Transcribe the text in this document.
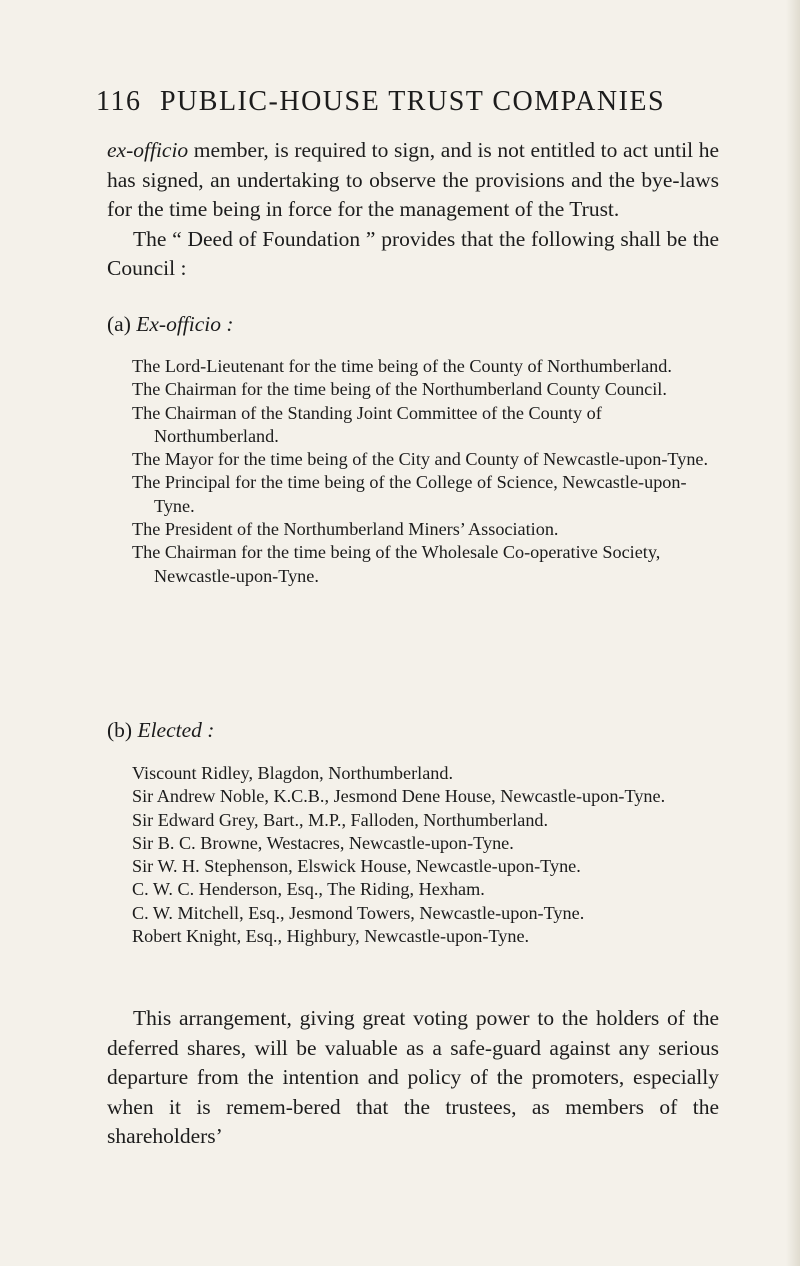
116 PUBLIC-HOUSE TRUST COMPANIES

ex-officio member, is required to sign, and is not entitled to act until he has signed, an undertaking to observe the provisions and the bye-laws for the time being in force for the management of the Trust.

The “ Deed of Foundation ” provides that the following shall be the Council :

(a) Ex-officio :
The Lord-Lieutenant for the time being of the County of Northumberland.
The Chairman for the time being of the Northumberland County Council.
The Chairman of the Standing Joint Committee of the County of Northumberland.
The Mayor for the time being of the City and County of Newcastle-upon-Tyne.
The Principal for the time being of the College of Science, Newcastle-upon-Tyne.
The President of the Northumberland Miners’ Association.
The Chairman for the time being of the Wholesale Co-operative Society, Newcastle-upon-Tyne.
(b) Elected :
Viscount Ridley, Blagdon, Northumberland.
Sir Andrew Noble, K.C.B., Jesmond Dene House, Newcastle-upon-Tyne.
Sir Edward Grey, Bart., M.P., Falloden, Northumberland.
Sir B. C. Browne, Westacres, Newcastle-upon-Tyne.
Sir W. H. Stephenson, Elswick House, Newcastle-upon-Tyne.
C. W. C. Henderson, Esq., The Riding, Hexham.
C. W. Mitchell, Esq., Jesmond Towers, Newcastle-upon-Tyne.
Robert Knight, Esq., Highbury, Newcastle-upon-Tyne.

This arrangement, giving great voting power to the holders of the deferred shares, will be valuable as a safe-guard against any serious departure from the intention and policy of the promoters, especially when it is remem-bered that the trustees, as members of the shareholders’
